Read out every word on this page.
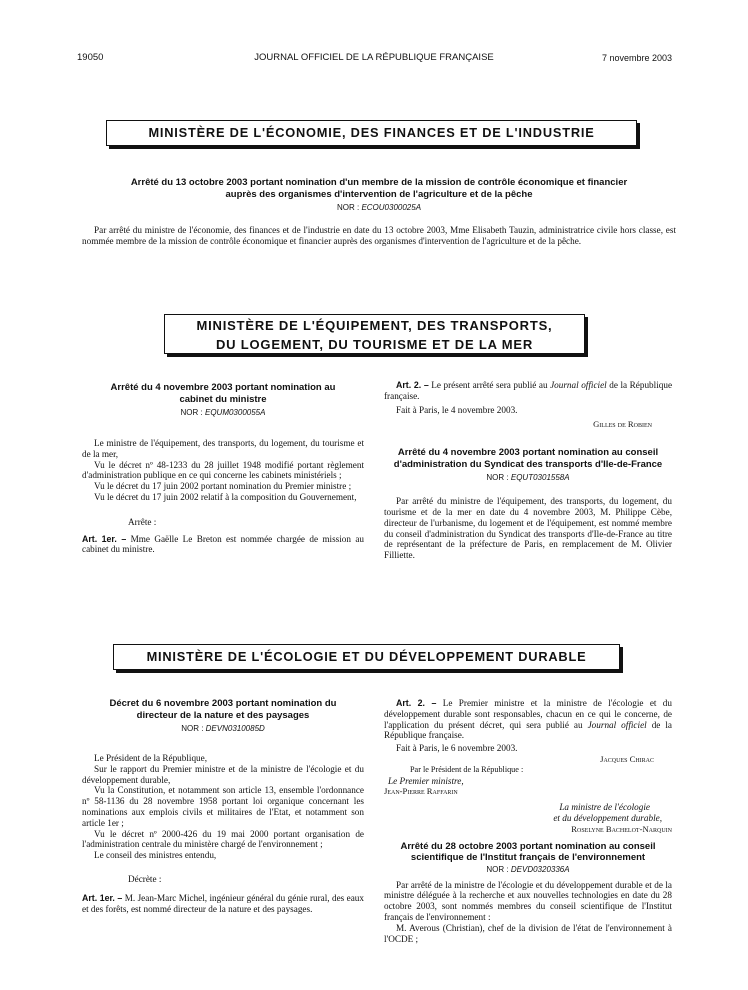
19050	JOURNAL OFFICIEL DE LA RÉPUBLIQUE FRANÇAISE	7 novembre 2003
MINISTÈRE DE L'ÉCONOMIE, DES FINANCES ET DE L'INDUSTRIE

Arrêté du 13 octobre 2003 portant nomination d'un membre de la mission de contrôle économique et financier

auprès des organismes d'intervention de l'agriculture et de la pêche

NOR : ECOU0300025A

Par arrêté du ministre de l'économie, des finances et de l'industrie en date du 13 octobre 2003, Mme Elisabeth Tauzin, administratrice civile hors classe, est nommée membre de la mission de contrôle économique et financier auprès des organismes d'intervention de l'agriculture et de la pêche.

MINISTÈRE DE L'ÉQUIPEMENT, DES TRANSPORTS,
DU LOGEMENT, DU TOURISME ET DE LA MER

Arrêté du 4 novembre 2003 portant nomination au cabinet du ministre

NOR : EQUM0300055A

Le ministre de l'équipement, des transports, du logement, du tourisme et de la mer,

Vu le décret nº 48-1233 du 28 juillet 1948 modifié portant règlement d'administration publique en ce qui concerne les cabinets ministériels ;

Vu le décret du 17 juin 2002 portant nomination du Premier ministre ;

Vu le décret du 17 juin 2002 relatif à la composition du Gouvernement,

Arrête :

Art. 1er. – Mme Gaëlle Le Breton est nommée chargée de mission au cabinet du ministre.

Art. 2. – Le présent arrêté sera publié au Journal officiel de la République française.

Fait à Paris, le 4 novembre 2003.

Gilles de Robien

Arrêté du 4 novembre 2003 portant nomination au conseil d'administration du Syndicat des transports d'Ile-de-France

NOR : EQUT0301558A

Par arrêté du ministre de l'équipement, des transports, du logement, du tourisme et de la mer en date du 4 novembre 2003, M. Philippe Cèbe, directeur de l'urbanisme, du logement et de l'équipement, est nommé membre du conseil d'administration du Syndicat des transports d'Ile-de-France au titre de représentant de la préfecture de Paris, en remplacement de M. Olivier Filliette.

MINISTÈRE DE L'ÉCOLOGIE ET DU DÉVELOPPEMENT DURABLE

Décret du 6 novembre 2003 portant nomination du directeur de la nature et des paysages

NOR : DEVN0310085D

Le Président de la République,

Sur le rapport du Premier ministre et de la ministre de l'écologie et du développement durable,

Vu la Constitution, et notamment son article 13, ensemble l'ordonnance nº 58-1136 du 28 novembre 1958 portant loi organique concernant les nominations aux emplois civils et militaires de l'Etat, et notamment son article 1er ;

Vu le décret nº 2000-426 du 19 mai 2000 portant organisation de l'administration centrale du ministère chargé de l'environnement ;

Le conseil des ministres entendu,

Décrète :

Art. 1er. – M. Jean-Marc Michel, ingénieur général du génie rural, des eaux et des forêts, est nommé directeur de la nature et des paysages.

Art. 2. – Le Premier ministre et la ministre de l'écologie et du développement durable sont responsables, chacun en ce qui le concerne, de l'application du présent décret, qui sera publié au Journal officiel de la République française.

Fait à Paris, le 6 novembre 2003.

Jacques Chirac

Par le Président de la République :

Le Premier ministre,

Jean-Pierre Raffarin

La ministre de l'écologie

et du développement durable,

Roselyne Bachelot-Narquin

Arrêté du 28 octobre 2003 portant nomination au conseil scientifique de l'Institut français de l'environnement

NOR : DEVD0320336A

Par arrêté de la ministre de l'écologie et du développement durable et de la ministre déléguée à la recherche et aux nouvelles technologies en date du 28 octobre 2003, sont nommés membres du conseil scientifique de l'Institut français de l'environnement :

M. Averous (Christian), chef de la division de l'état de l'environnement à l'OCDE ;
